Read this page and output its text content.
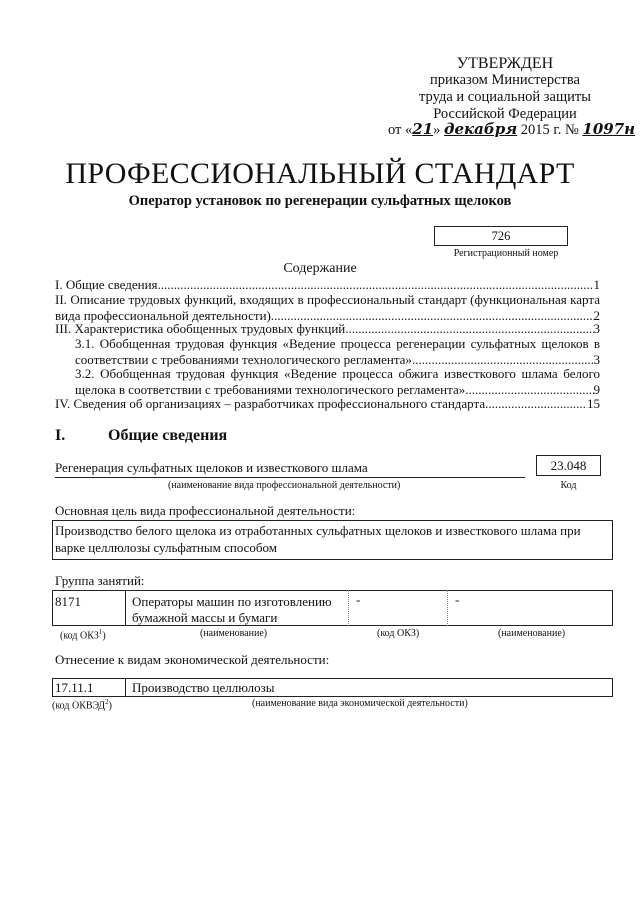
УТВЕРЖДЕН
приказом Министерства
труда и социальной защиты
Российской Федерации
от «21» декабря 2015 г. № 1097н
ПРОФЕССИОНАЛЬНЫЙ СТАНДАРТ
Оператор установок по регенерации сульфатных щелоков
726
Регистрационный номер
Содержание
I. Общие сведения .....	1
II. Описание трудовых функций, входящих в профессиональный стандарт (функциональная карта
вида профессиональной деятельности) .....	2
III. Характеристика обобщенных трудовых функций .....	3
3.1. Обобщенная трудовая функция «Ведение процесса регенерации сульфатных щелоков в
соответствии с требованиями технологического регламента» .....	3
3.2. Обобщенная трудовая функция «Ведение процесса обжига известкового шлама белого
щелока в соответствии с требованиями технологического регламента» .....	9
IV. Сведения об организациях – разработчиках профессионального стандарта .....	15
I.	Общие сведения
Регенерация сульфатных щелоков и известкового шлама
(наименование вида профессиональной деятельности)
23.048
Код
Основная цель вида профессиональной деятельности:
Производство белого щелока из отработанных сульфатных щелоков и известкового шлама при
варке целлюлозы сульфатным способом
Группа занятий:
8171	Операторы машин по изготовлению
бумажной массы и бумаги
-	-
(код ОКЗ$^1$)	(наименование)	(код ОКЗ)	(наименование)
Отнесение к видам экономической деятельности:
17.11.1	Производство целлюлозы
(код ОКВЭД$^2$)	(наименование вида экономической деятельности)
